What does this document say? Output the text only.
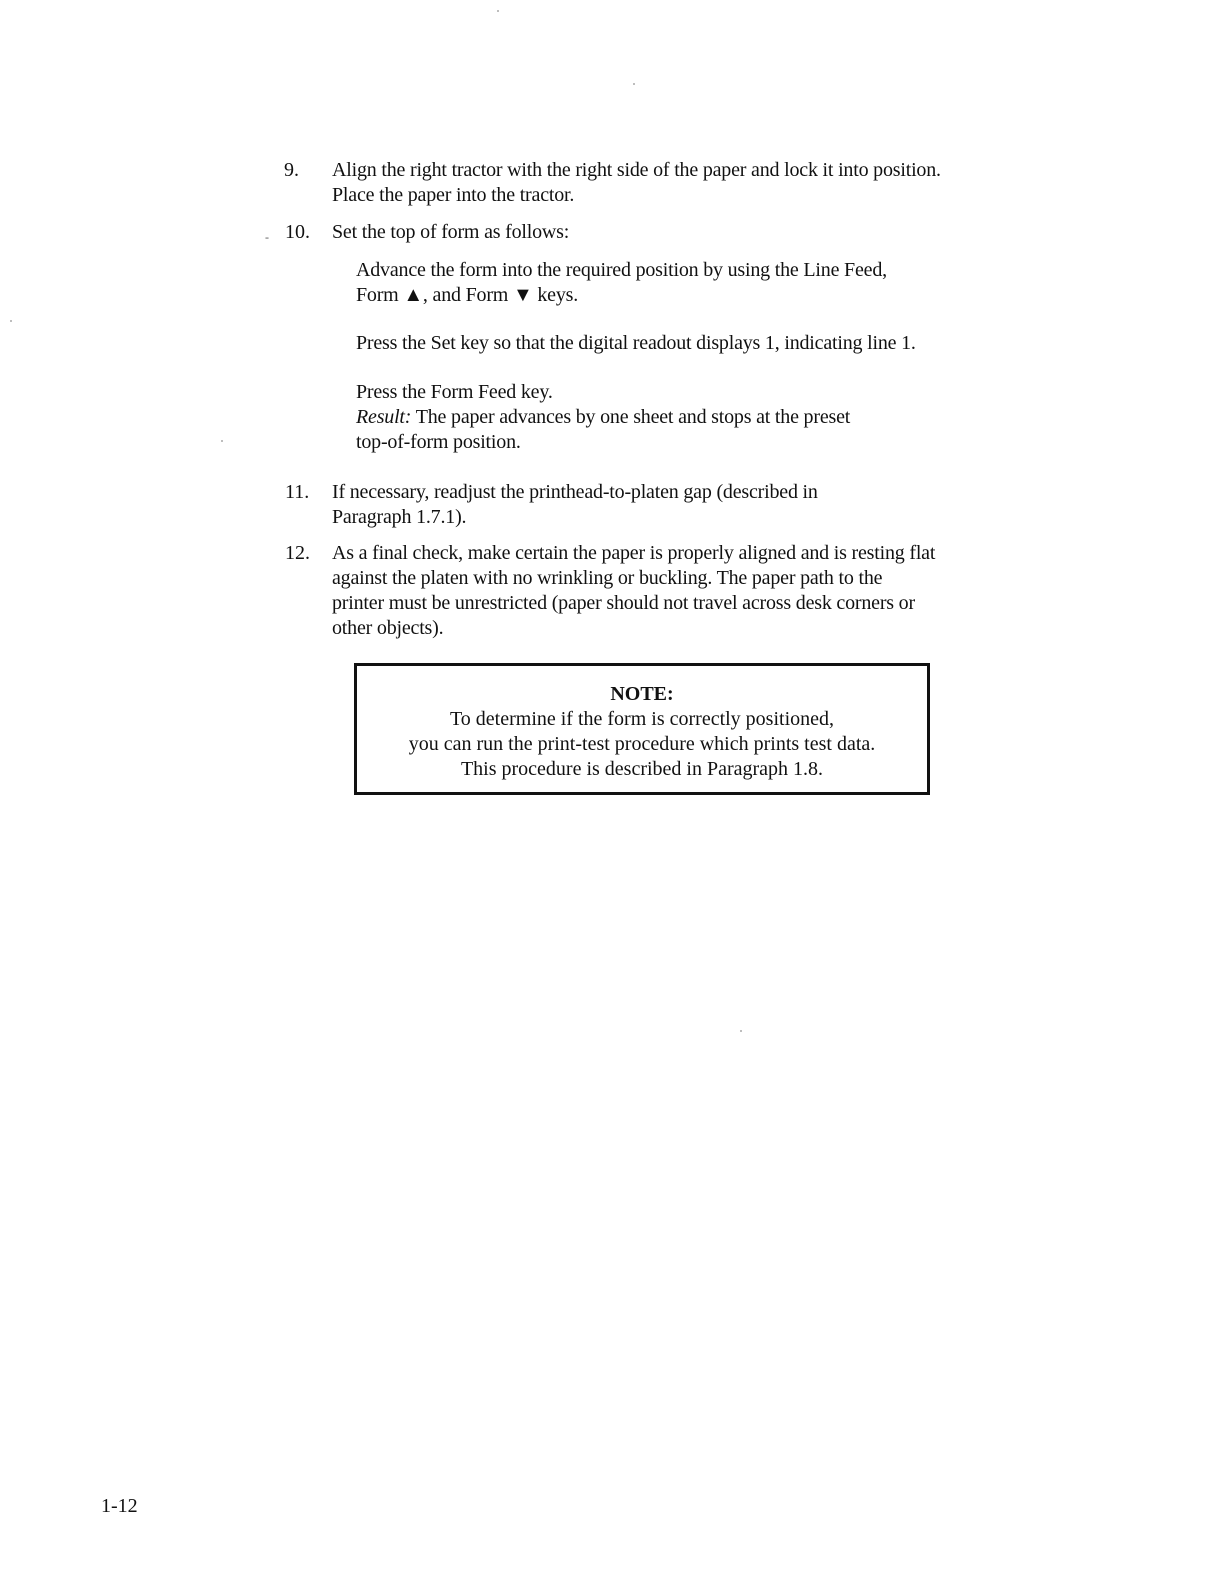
9. Align the right tractor with the right side of the paper and lock it into position.
Place the paper into the tractor.
- 10. Set the top of form as follows:
Advance the form into the required position by using the Line Feed,
Form ▲, and Form ▼ keys.
Press the Set key so that the digital readout displays 1, indicating line 1.
Press the Form Feed key.
Result: The paper advances by one sheet and stops at the preset
top-of-form position.
11. If necessary, readjust the printhead-to-platen gap (described in
Paragraph 1.7.1).
12. As a final check, make certain the paper is properly aligned and is resting flat
against the platen with no wrinkling or buckling. The paper path to the
printer must be unrestricted (paper should not travel across desk corners or
other objects).
NOTE:
To determine if the form is correctly positioned,
you can run the print-test procedure which prints test data.
This procedure is described in Paragraph 1.8.
1-12
